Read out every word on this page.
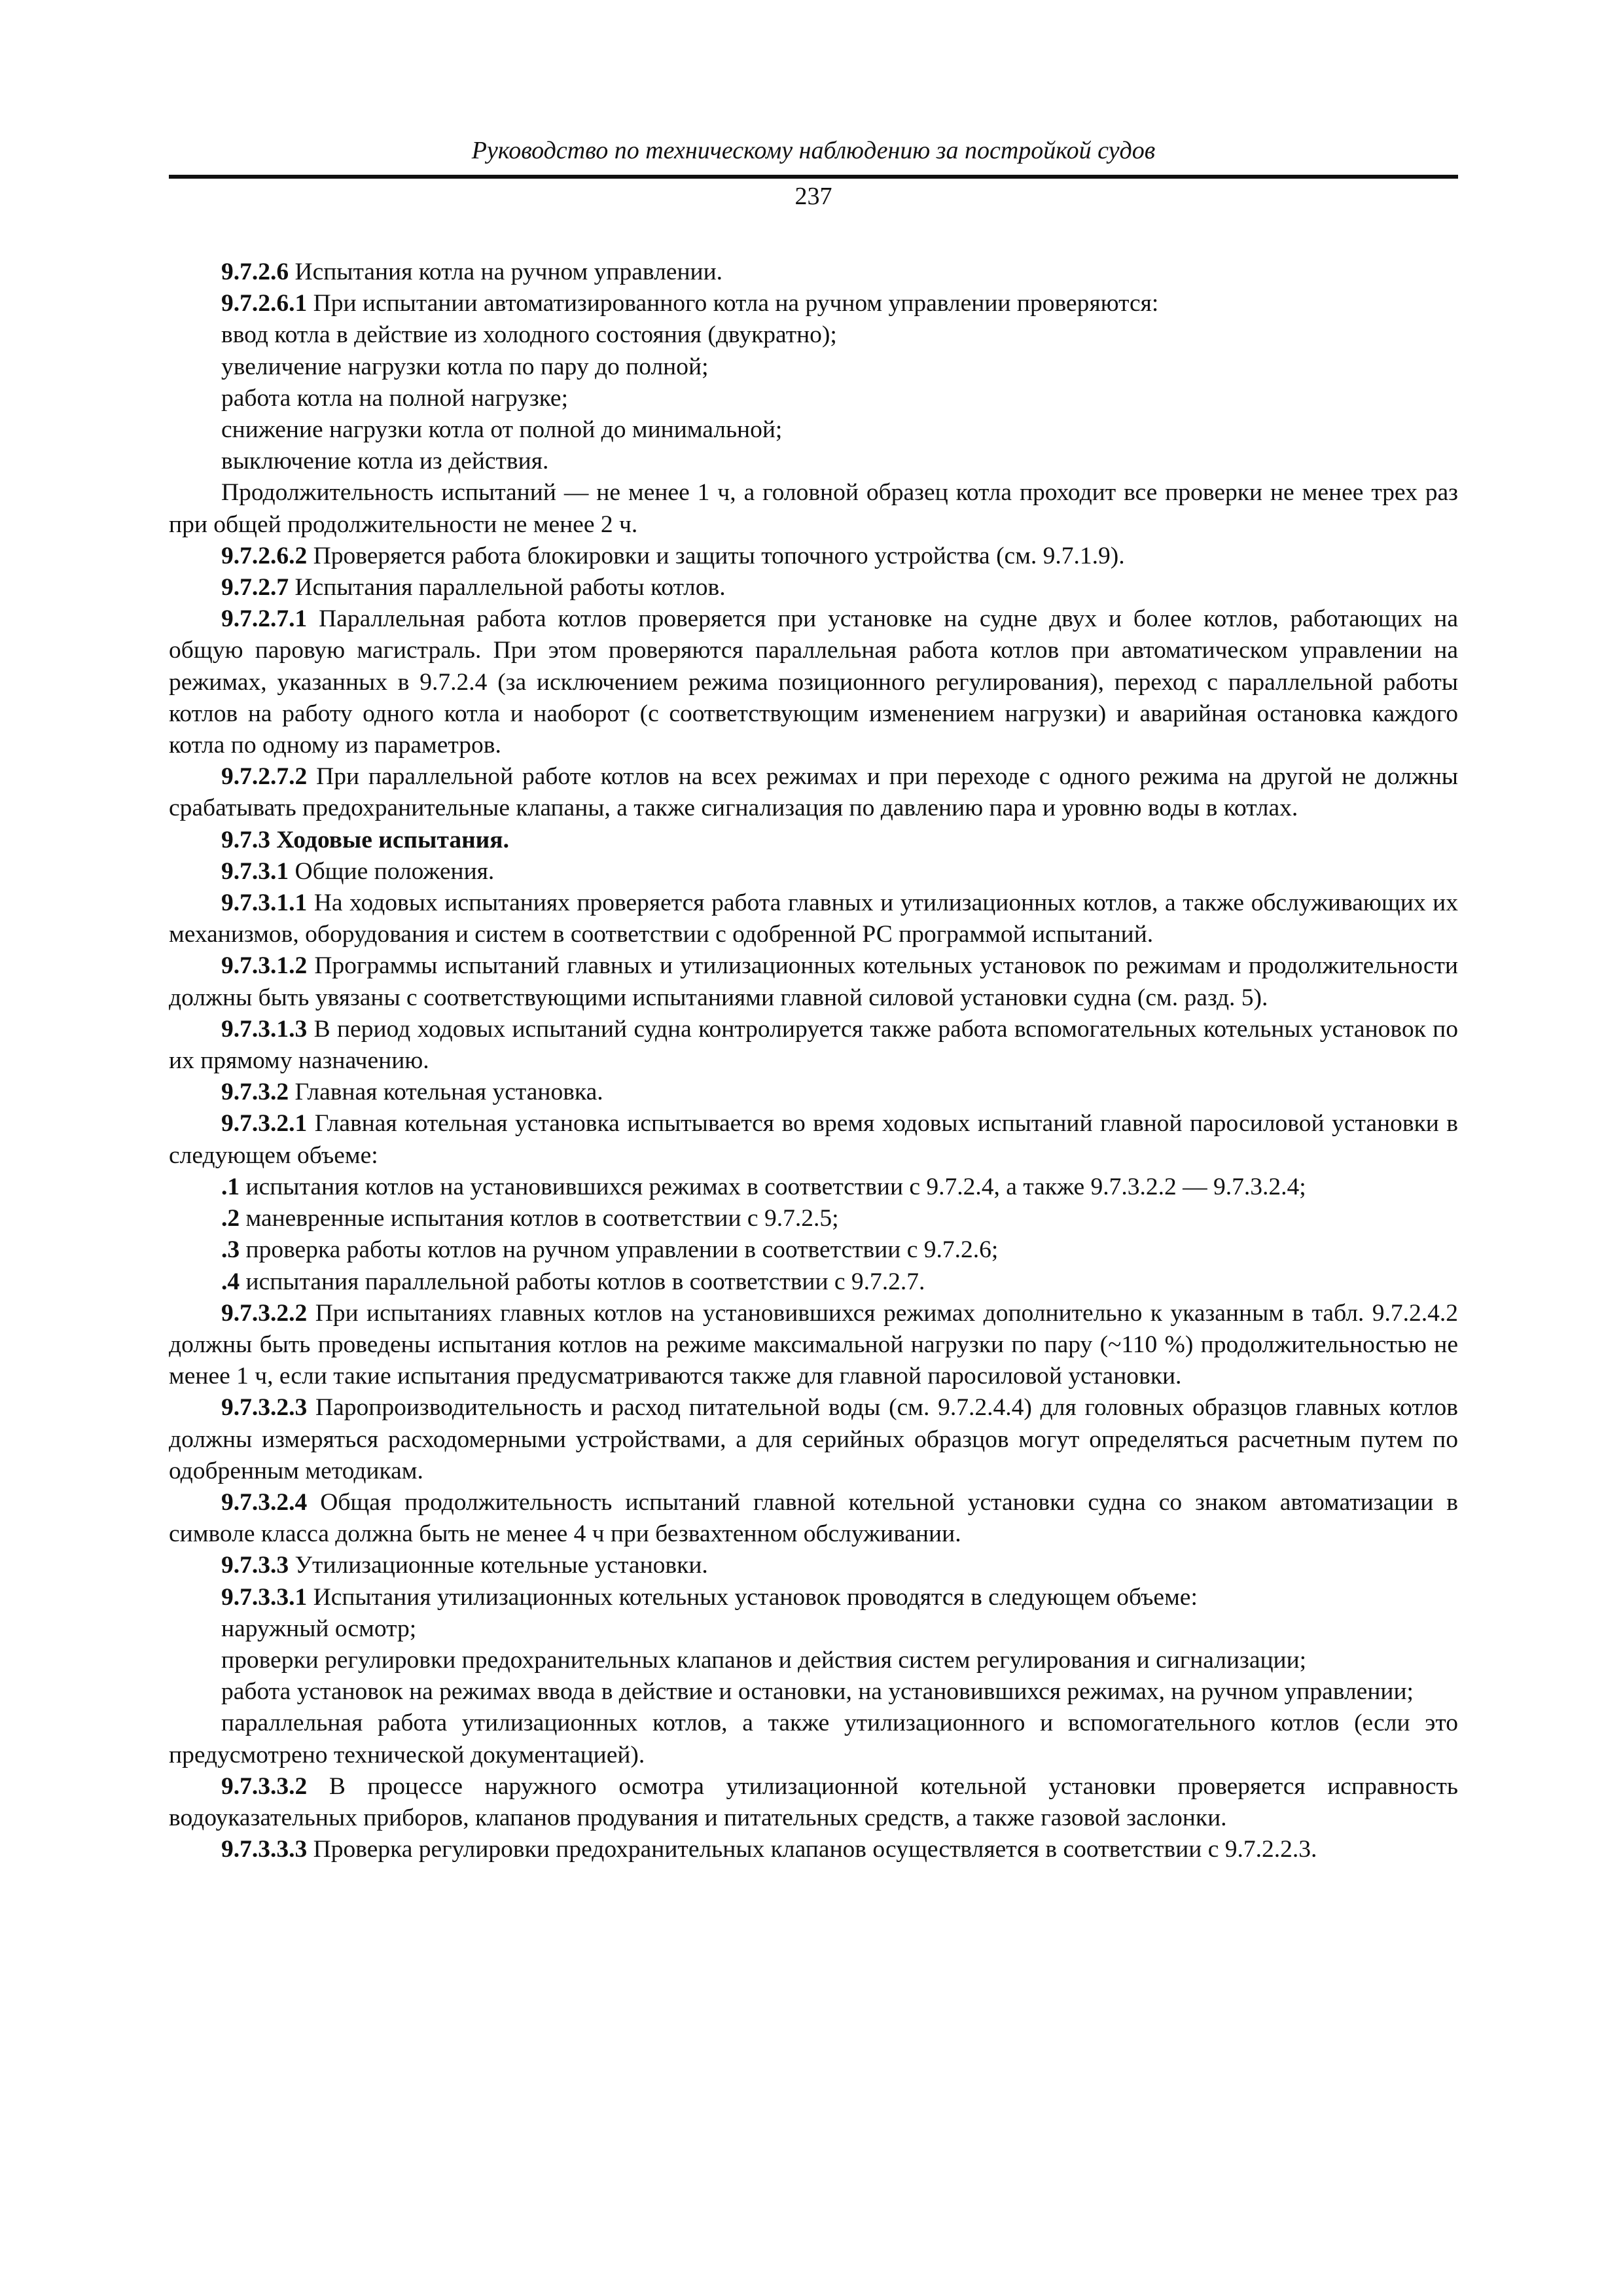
Руководство по техническому наблюдению за постройкой судов
237

9.7.2.6 Испытания котла на ручном управлении.

9.7.2.6.1 При испытании автоматизированного котла на ручном управлении проверяются:

ввод котла в действие из холодного состояния (двукратно);

увеличение нагрузки котла по пару до полной;

работа котла на полной нагрузке;

снижение нагрузки котла от полной до минимальной;

выключение котла из действия.

Продолжительность испытаний — не менее 1 ч, а головной образец котла проходит все проверки не менее трех раз при общей продолжительности не менее 2 ч.

9.7.2.6.2 Проверяется работа блокировки и защиты топочного устройства (см. 9.7.1.9).

9.7.2.7 Испытания параллельной работы котлов.

9.7.2.7.1 Параллельная работа котлов проверяется при установке на судне двух и более котлов, работающих на общую паровую магистраль. При этом проверяются параллельная работа котлов при автоматическом управлении на режимах, указанных в 9.7.2.4 (за исключением режима позиционного регулирования), переход с параллельной работы котлов на работу одного котла и наоборот (с соответствующим изменением нагрузки) и аварийная остановка каждого котла по одному из параметров.

9.7.2.7.2 При параллельной работе котлов на всех режимах и при переходе с одного режима на другой не должны срабатывать предохранительные клапаны, а также сигнализация по давлению пара и уровню воды в котлах.

9.7.3 Ходовые испытания.

9.7.3.1 Общие положения.

9.7.3.1.1 На ходовых испытаниях проверяется работа главных и утилизационных котлов, а также обслуживающих их механизмов, оборудования и систем в соответствии с одобренной РС программой испытаний.

9.7.3.1.2 Программы испытаний главных и утилизационных котельных установок по режимам и продолжительности должны быть увязаны с соответствующими испытаниями главной силовой установки судна (см. разд. 5).

9.7.3.1.3 В период ходовых испытаний судна контролируется также работа вспомогательных котельных установок по их прямому назначению.

9.7.3.2 Главная котельная установка.

9.7.3.2.1 Главная котельная установка испытывается во время ходовых испытаний главной паросиловой установки в следующем объеме:

.1 испытания котлов на установившихся режимах в соответствии с 9.7.2.4, а также 9.7.3.2.2 — 9.7.3.2.4;

.2 маневренные испытания котлов в соответствии с 9.7.2.5;

.3 проверка работы котлов на ручном управлении в соответствии с 9.7.2.6;

.4 испытания параллельной работы котлов в соответствии с 9.7.2.7.

9.7.3.2.2 При испытаниях главных котлов на установившихся режимах дополнительно к указанным в табл. 9.7.2.4.2 должны быть проведены испытания котлов на режиме максимальной нагрузки по пару (~110 %) продолжительностью не менее 1 ч, если такие испытания предусматриваются также для главной паросиловой установки.

9.7.3.2.3 Паропроизводительность и расход питательной воды (см. 9.7.2.4.4) для головных образцов главных котлов должны измеряться расходомерными устройствами, а для серийных образцов могут определяться расчетным путем по одобренным методикам.

9.7.3.2.4 Общая продолжительность испытаний главной котельной установки судна со знаком автоматизации в символе класса должна быть не менее 4 ч при безвахтенном обслуживании.

9.7.3.3 Утилизационные котельные установки.

9.7.3.3.1 Испытания утилизационных котельных установок проводятся в следующем объеме:

наружный осмотр;

проверки регулировки предохранительных клапанов и действия систем регулирования и сигнализации;

работа установок на режимах ввода в действие и остановки, на установившихся режимах, на ручном управлении;

параллельная работа утилизационных котлов, а также утилизационного и вспомогательного котлов (если это предусмотрено технической документацией).

9.7.3.3.2 В процессе наружного осмотра утилизационной котельной установки проверяется исправность водоуказательных приборов, клапанов продувания и питательных средств, а также газовой заслонки.

9.7.3.3.3 Проверка регулировки предохранительных клапанов осуществляется в соответствии с 9.7.2.2.3.
